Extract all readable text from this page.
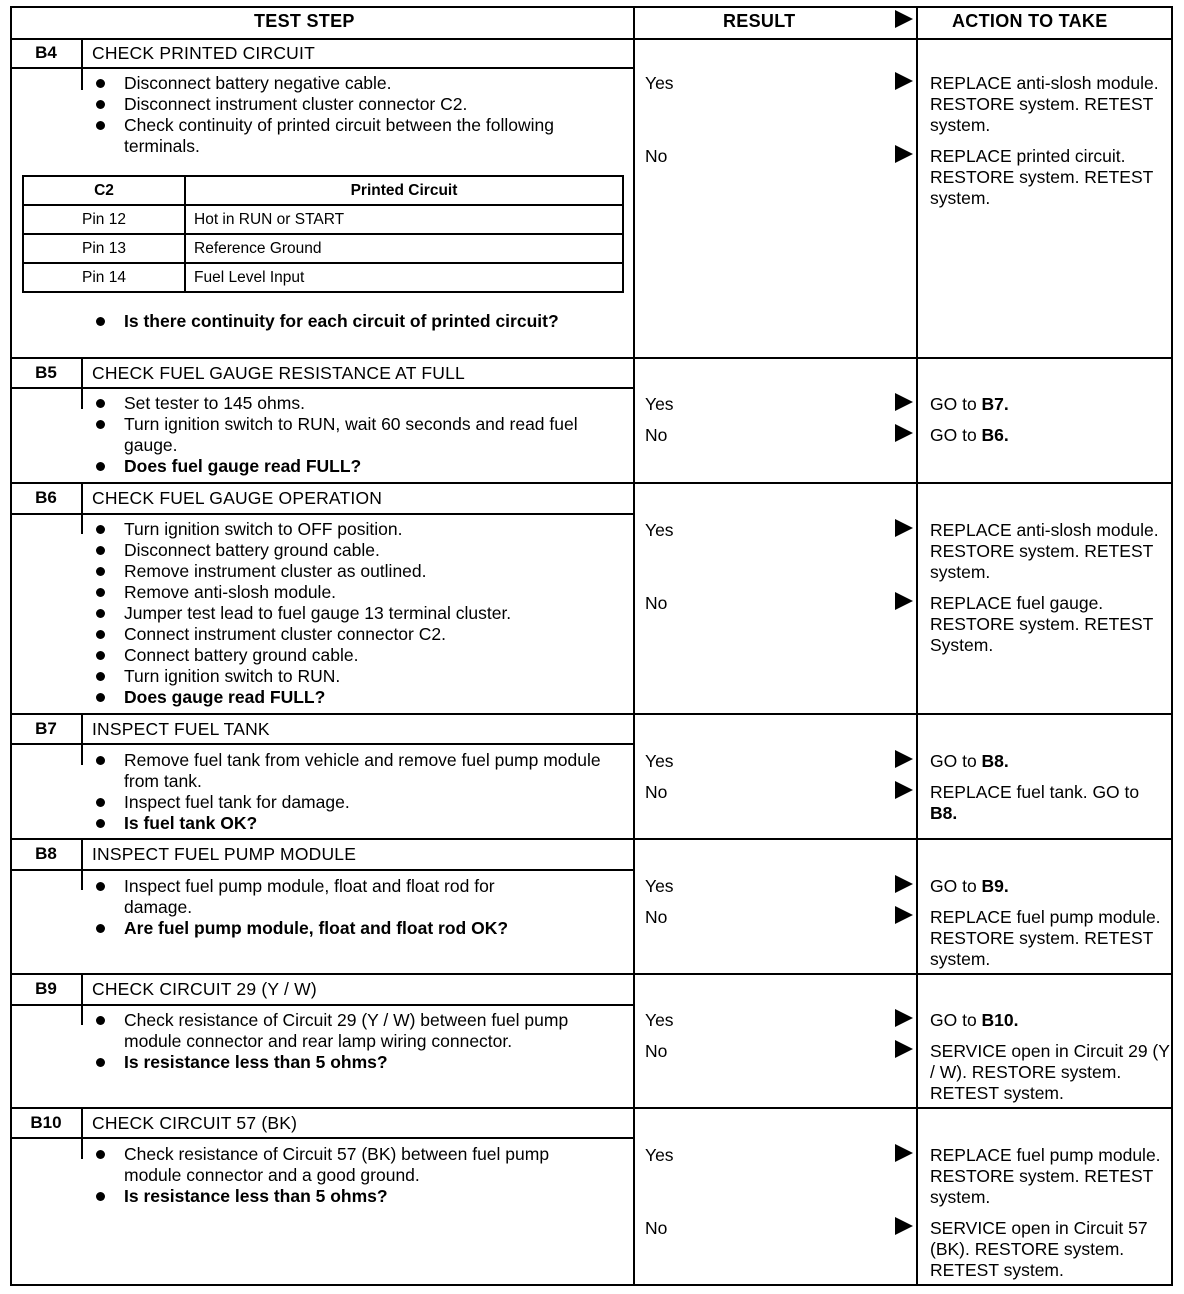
TEST STEP	RESULT	ACTION TO TAKE
B4	CHECK PRINTED CIRCUIT
Disconnect battery negative cable.
Disconnect instrument cluster connector C2.
Check continuity of printed circuit between the following terminals.
C2	Printed Circuit
Pin 12	Hot in RUN or START
Pin 13	Reference Ground
Pin 14	Fuel Level Input
Is there continuity for each circuit of printed circuit?
Yes	REPLACE anti-slosh module. RESTORE system. RETEST system.
No	REPLACE printed circuit. RESTORE system. RETEST system.
B5	CHECK FUEL GAUGE RESISTANCE AT FULL
Set tester to 145 ohms.
Turn ignition switch to RUN, wait 60 seconds and read fuel gauge.
Does fuel gauge read FULL?
Yes	GO to B7.
No	GO to B6.
B6	CHECK FUEL GAUGE OPERATION
Turn ignition switch to OFF position.
Disconnect battery ground cable.
Remove instrument cluster as outlined.
Remove anti-slosh module.
Jumper test lead to fuel gauge 13 terminal cluster.
Connect instrument cluster connector C2.
Connect battery ground cable.
Turn ignition switch to RUN.
Does gauge read FULL?
Yes	REPLACE anti-slosh module. RESTORE system. RETEST system.
No	REPLACE fuel gauge. RESTORE system. RETEST System.
B7	INSPECT FUEL TANK
Remove fuel tank from vehicle and remove fuel pump module from tank.
Inspect fuel tank for damage.
Is fuel tank OK?
Yes	GO to B8.
No	REPLACE fuel tank. GO to B8.
B8	INSPECT FUEL PUMP MODULE
Inspect fuel pump module, float and float rod for damage.
Are fuel pump module, float and float rod OK?
Yes	GO to B9.
No	REPLACE fuel pump module. RESTORE system. RETEST system.
B9	CHECK CIRCUIT 29 (Y / W)
Check resistance of Circuit 29 (Y / W) between fuel pump module connector and rear lamp wiring connector.
Is resistance less than 5 ohms?
Yes	GO to B10.
No	SERVICE open in Circuit 29 (Y / W). RESTORE system. RETEST system.
B10	CHECK CIRCUIT 57 (BK)
Check resistance of Circuit 57 (BK) between fuel pump module connector and a good ground.
Is resistance less than 5 ohms?
Yes	REPLACE fuel pump module. RESTORE system. RETEST system.
No	SERVICE open in Circuit 57 (BK). RESTORE system. RETEST system.
